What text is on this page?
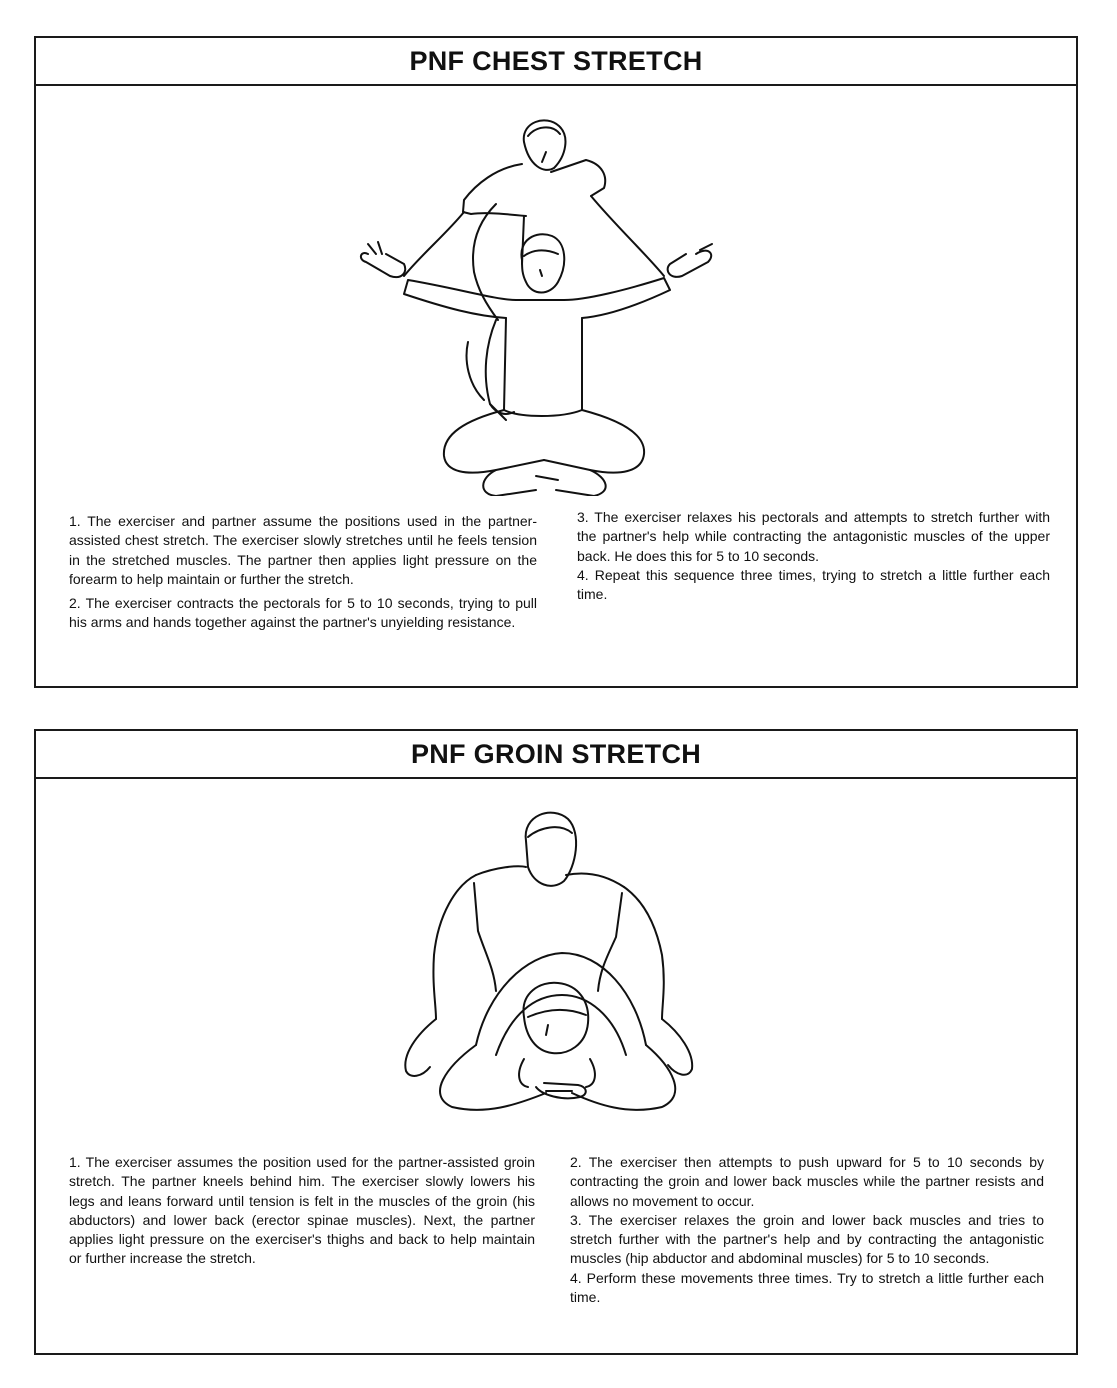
PNF CHEST STRETCH

1. The exerciser and partner assume the positions used in the partner-assisted chest stretch. The exerciser slowly stretches until he feels tension in the stretched muscles. The partner then applies light pressure on the forearm to help maintain or further the stretch.

2. The exerciser contracts the pectorals for 5 to 10 seconds, trying to pull his arms and hands together against the partner's unyielding resistance.

3. The exerciser relaxes his pectorals and attempts to stretch further with the partner's help while contracting the antagonistic muscles of the upper back. He does this for 5 to 10 seconds.

4. Repeat this sequence three times, trying to stretch a little further each time.

PNF GROIN STRETCH

1. The exerciser assumes the position used for the partner-assisted groin stretch. The partner kneels behind him. The exerciser slowly lowers his legs and leans forward until tension is felt in the muscles of the groin (his abductors) and lower back (erector spinae muscles). Next, the partner applies light pressure on the exerciser's thighs and back to help maintain or further increase the stretch.

2. The exerciser then attempts to push upward for 5 to 10 seconds by contracting the groin and lower back muscles while the partner resists and allows no movement to occur.

3. The exerciser relaxes the groin and lower back muscles and tries to stretch further with the partner's help and by contracting the antagonistic muscles (hip abductor and abdominal muscles) for 5 to 10 seconds.

4. Perform these movements three times. Try to stretch a little further each time.
